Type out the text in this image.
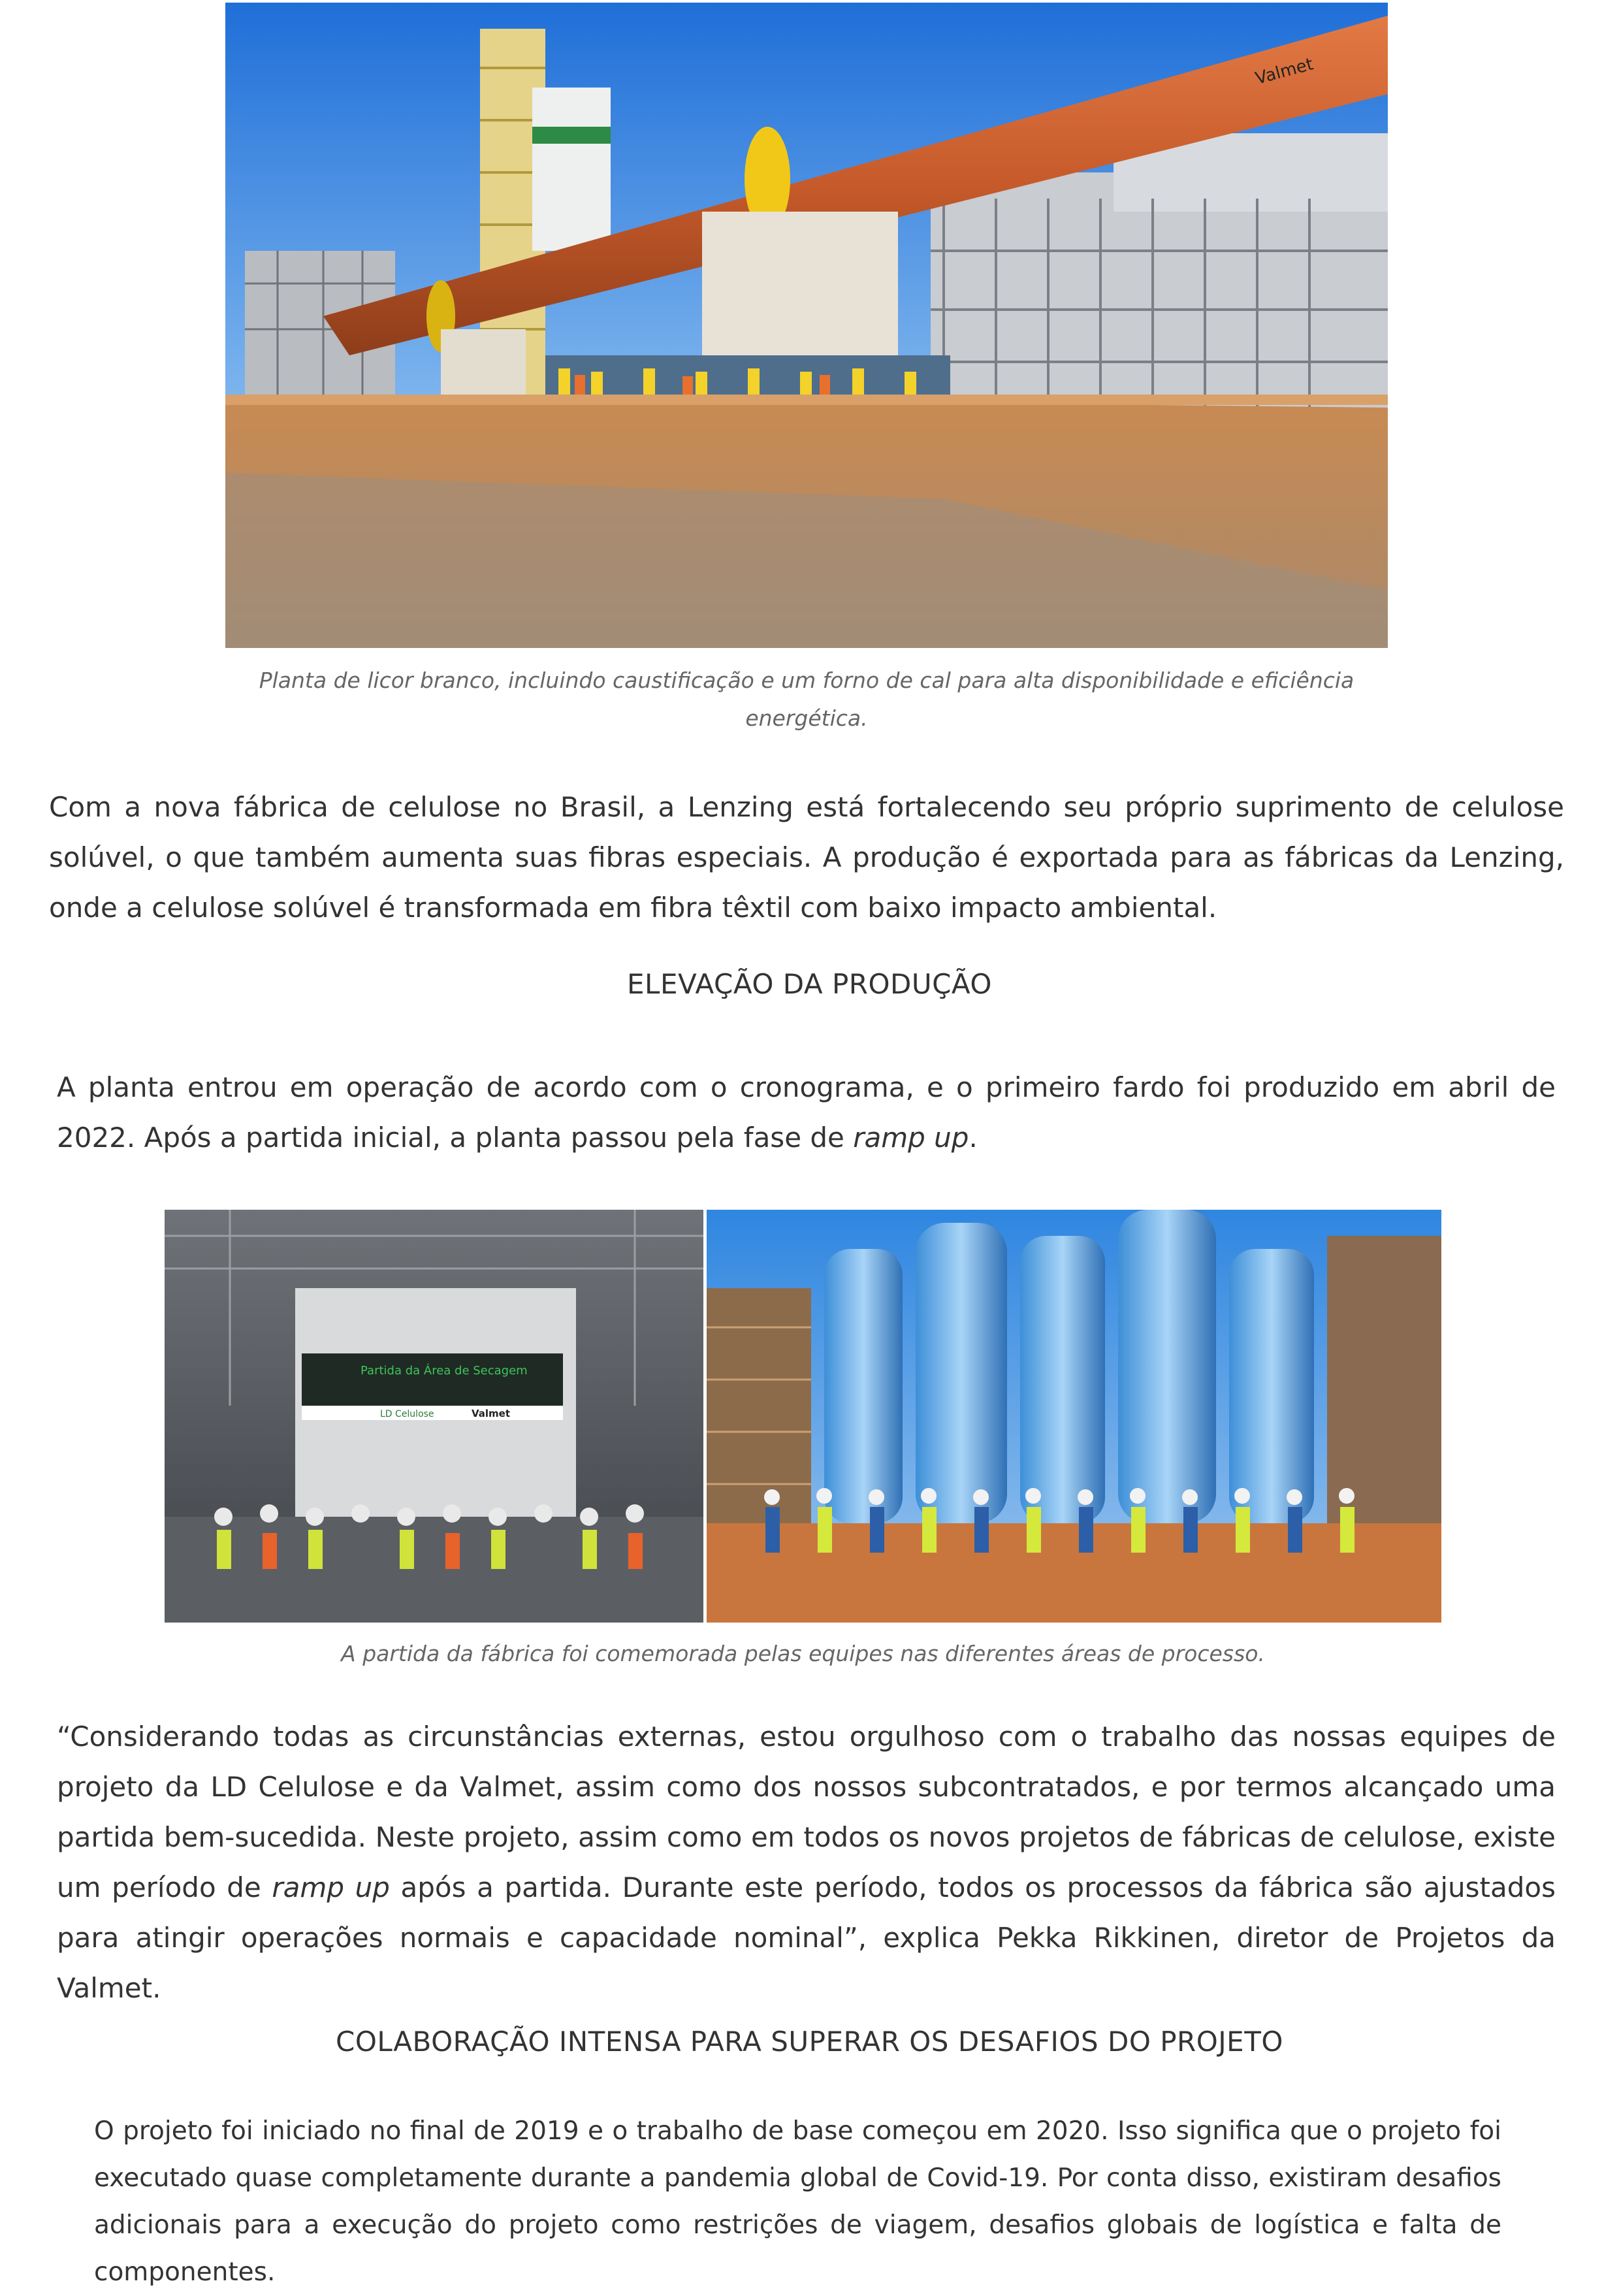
Valmet
Planta de licor branco, incluindo caustificação e um forno de cal para alta disponibilidade e eficiência energética.

Com a nova fábrica de celulose no Brasil, a Lenzing está fortalecendo seu próprio suprimento de celulose solúvel, o que também aumenta suas fibras especiais. A produção é exportada para as fábricas da Lenzing, onde a celulose solúvel é transformada em fibra têxtil com baixo impacto ambiental.

ELEVAÇÃO DA PRODUÇÃO

A planta entrou em operação de acordo com o cronograma, e o primeiro fardo foi produzido em abril de 2022. Após a partida inicial, a planta passou pela fase de ramp up.

Partida da Área de Secagem
LD Celulose	Valmet
A partida da fábrica foi comemorada pelas equipes nas diferentes áreas de processo.

“Considerando todas as circunstâncias externas, estou orgulhoso com o trabalho das nossas equipes de projeto da LD Celulose e da Valmet, assim como dos nossos subcontratados, e por termos alcançado uma partida bem-sucedida. Neste projeto, assim como em todos os novos projetos de fábricas de celulose, existe um período de ramp up após a partida. Durante este período, todos os processos da fábrica são ajustados para atingir operações normais e capacidade nominal”, explica Pekka Rikkinen, diretor de Projetos da Valmet.

COLABORAÇÃO INTENSA PARA SUPERAR OS DESAFIOS DO PROJETO

O projeto foi iniciado no final de 2019 e o trabalho de base começou em 2020. Isso significa que o projeto foi executado quase completamente durante a pandemia global de Covid-19. Por conta disso, existiram desafios adicionais para a execução do projeto como restrições de viagem, desafios globais de logística e falta de componentes.
